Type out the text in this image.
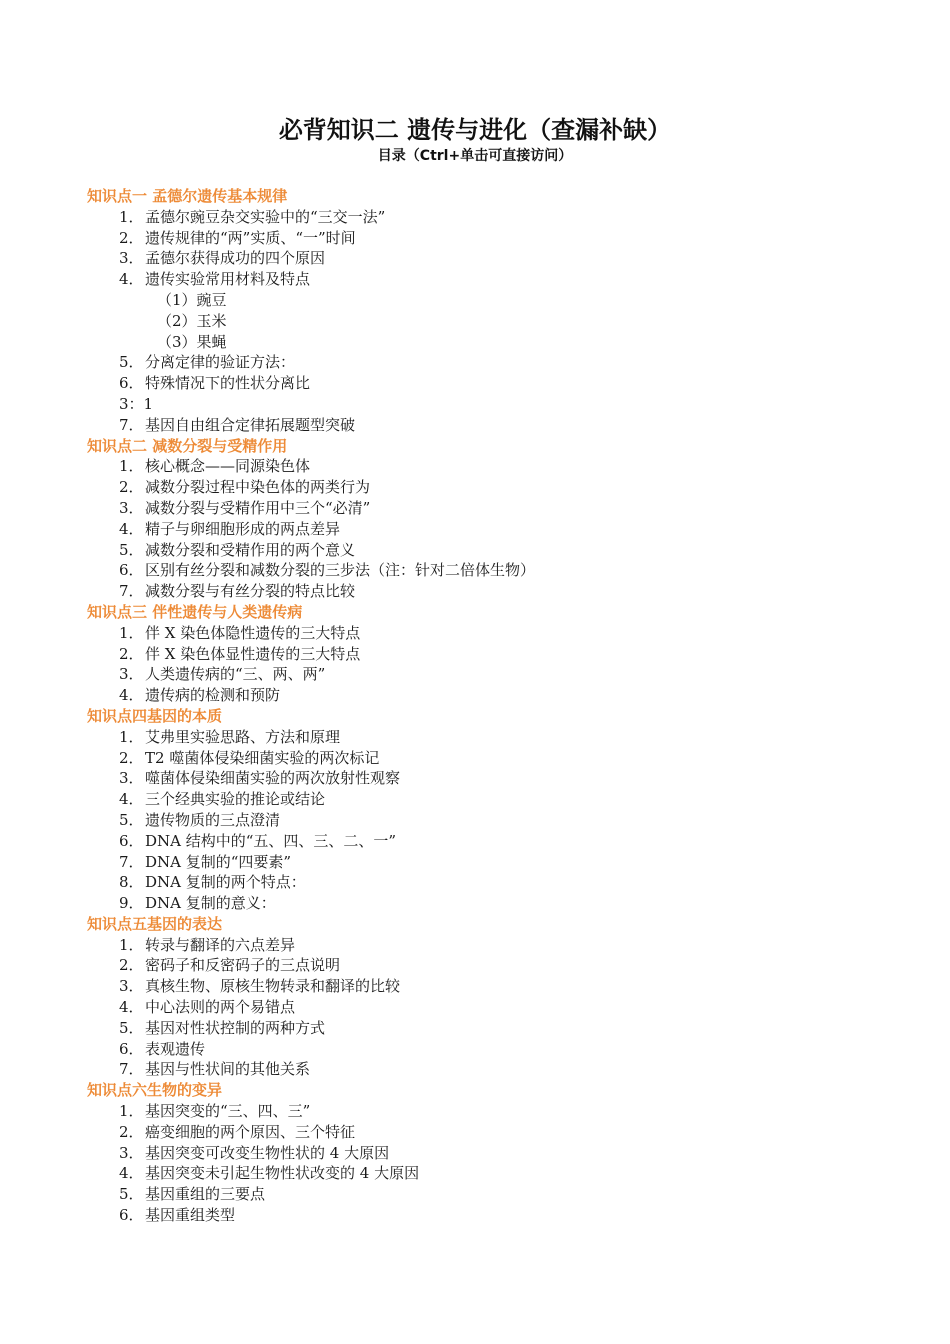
必背知识二 遗传与进化（查漏补缺）
目录（Ctrl+单击可直接访问）
知识点一 孟德尔遗传基本规律
1．孟德尔豌豆杂交实验中的“三交一法”
2．遗传规律的“两”实质、“一”时间
3．孟德尔获得成功的四个原因
4．遗传实验常用材料及特点
（1）豌豆
（2）玉米
（3）果蝇
5．分离定律的验证方法：
6．特殊情况下的性状分离比
3：1
7．基因自由组合定律拓展题型突破
知识点二 减数分裂与受精作用
1．核心概念——同源染色体
2．减数分裂过程中染色体的两类行为
3．减数分裂与受精作用中三个“必清”
4．精子与卵细胞形成的两点差异
5．减数分裂和受精作用的两个意义
6．区别有丝分裂和减数分裂的三步法（注：针对二倍体生物）
7．减数分裂与有丝分裂的特点比较
知识点三 伴性遗传与人类遗传病
1．伴 X 染色体隐性遗传的三大特点
2．伴 X 染色体显性遗传的三大特点
3．人类遗传病的“三、两、两”
4．遗传病的检测和预防
知识点四基因的本质
1．艾弗里实验思路、方法和原理
2．T2 噬菌体侵染细菌实验的两次标记
3．噬菌体侵染细菌实验的两次放射性观察
4．三个经典实验的推论或结论
5．遗传物质的三点澄清
6．DNA 结构中的“五、四、三、二、一”
7．DNA 复制的“四要素”
8．DNA 复制的两个特点：
9．DNA 复制的意义：
知识点五基因的表达
1．转录与翻译的六点差异
2．密码子和反密码子的三点说明
3．真核生物、原核生物转录和翻译的比较
4．中心法则的两个易错点
5．基因对性状控制的两种方式
6．表观遗传
7．基因与性状间的其他关系
知识点六生物的变异
1．基因突变的“三、四、三”
2．癌变细胞的两个原因、三个特征
3．基因突变可改变生物性状的 4 大原因
4．基因突变未引起生物性状改变的 4 大原因
5．基因重组的三要点
6．基因重组类型
